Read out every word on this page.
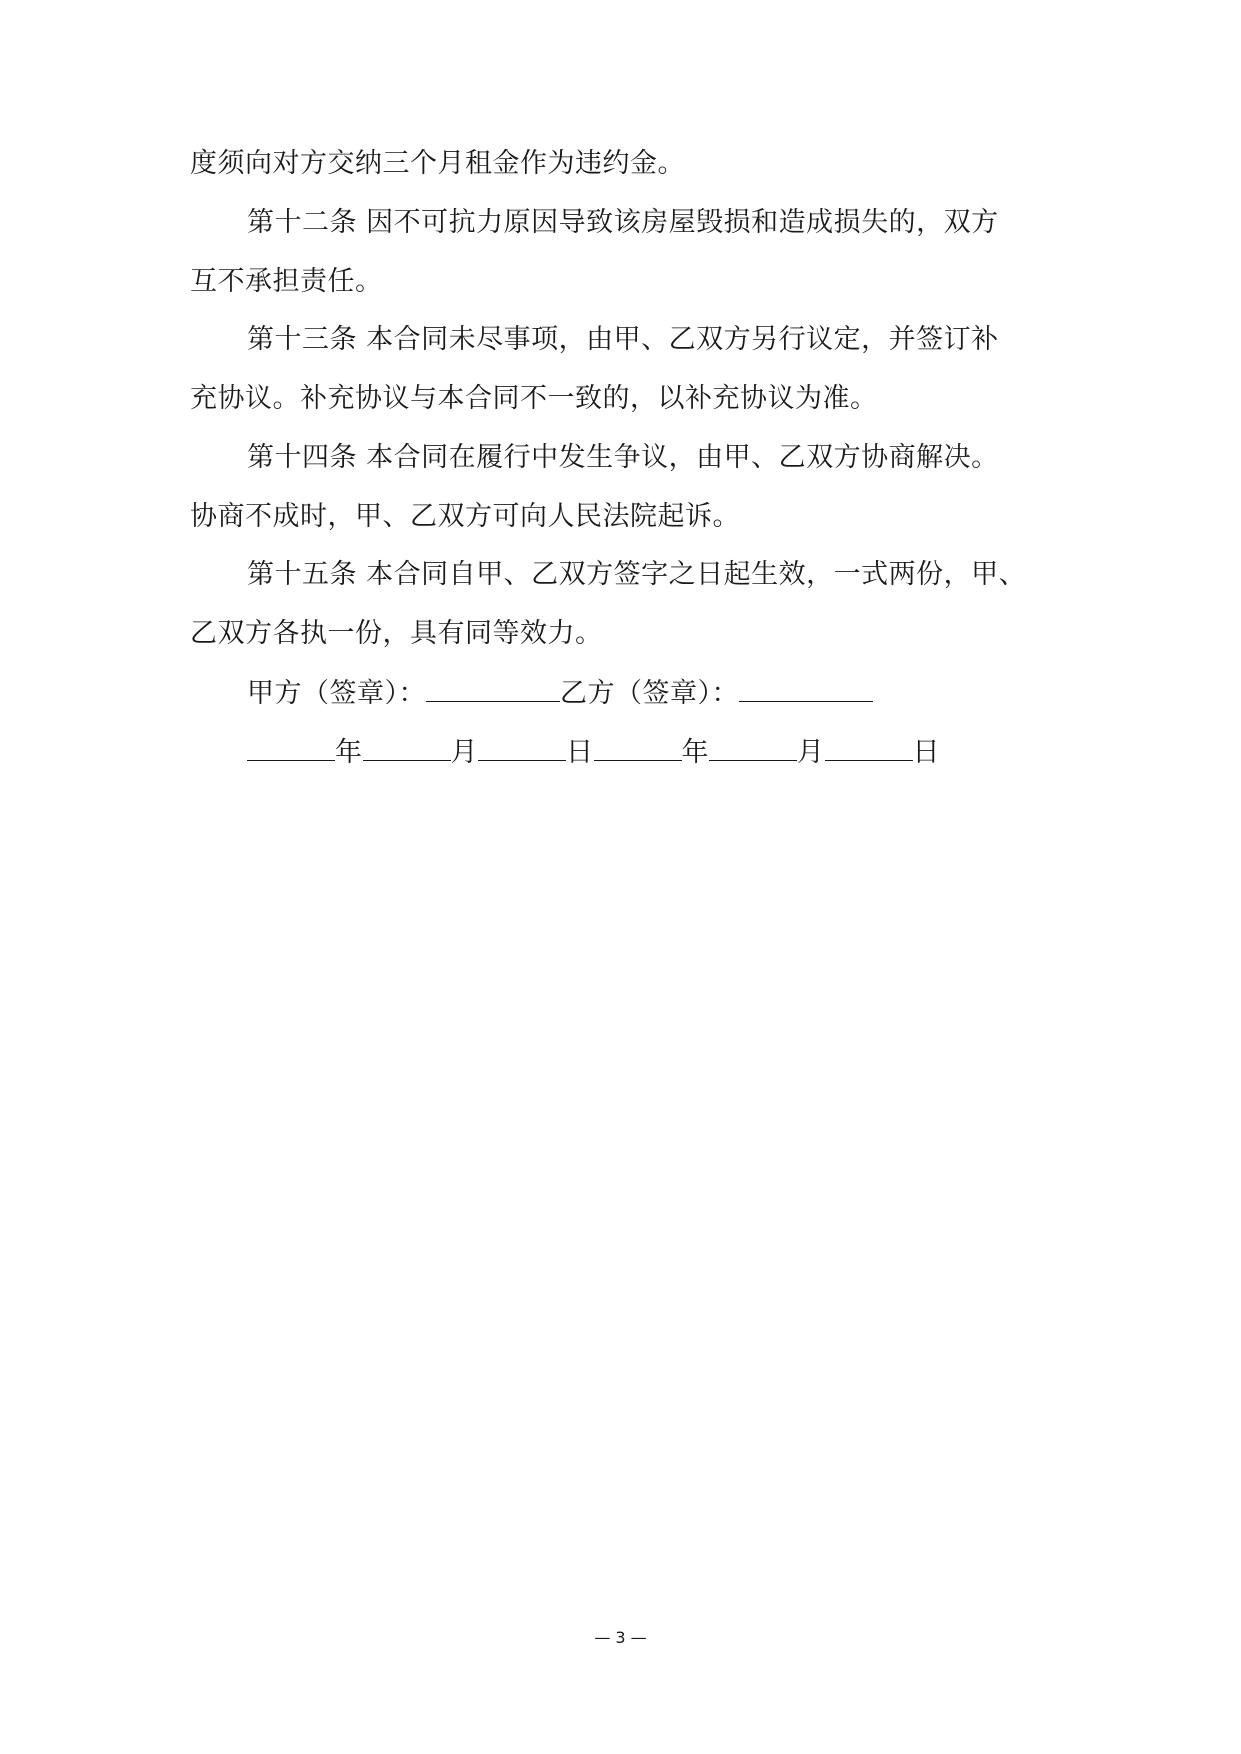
度须向对方交纳三个月租金作为违约金。
第十二条 因不可抗力原因导致该房屋毁损和造成损失的，双方
互不承担责任。
第十三条 本合同未尽事项，由甲、乙双方另行议定，并签订补
充协议。补充协议与本合同不一致的，以补充协议为准。
第十四条 本合同在履行中发生争议，由甲、乙双方协商解决。
协商不成时，甲、乙双方可向人民法院起诉。
第十五条 本合同自甲、乙双方签字之日起生效，一式两份，甲、
乙双方各执一份，具有同等效力。
甲方（签章）：	乙方（签章）：
年	月	日	年	月	日
— 3 —
